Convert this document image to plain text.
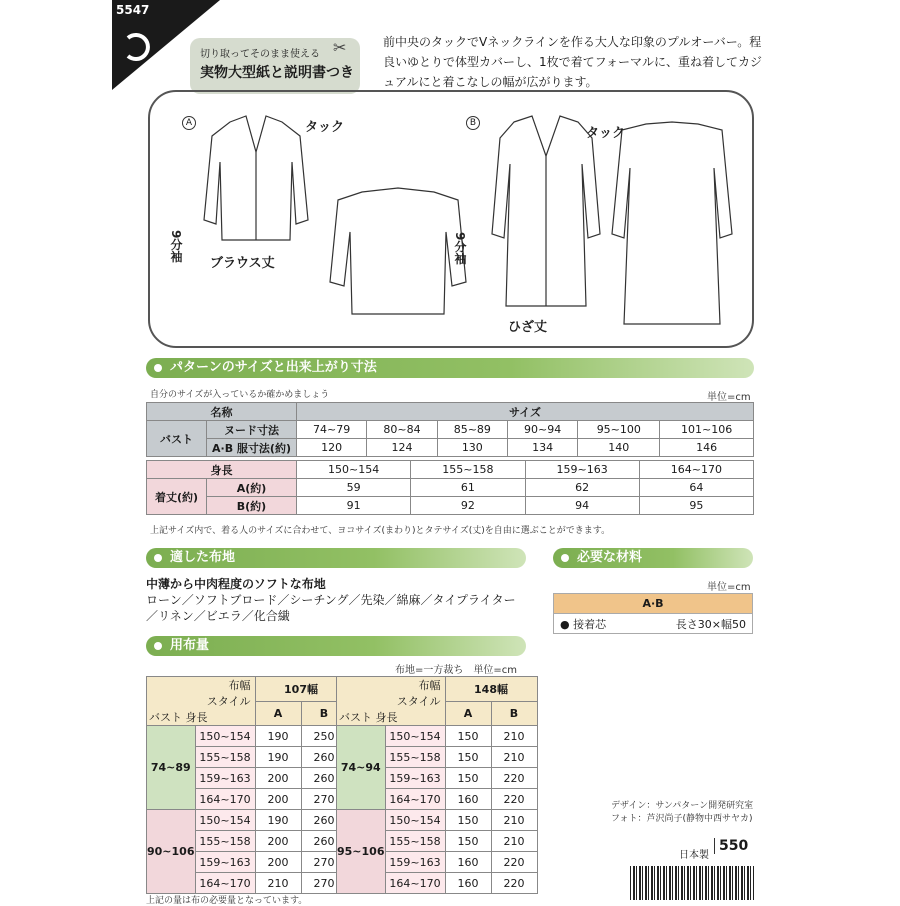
5547
切り取ってそのまま使える
実物大型紙と説明書つき
✂	前中央のタックでVネックラインを作る大人な印象のプルオーバー。程良いゆとりで体型カバーし、1枚で着てフォーマルに、重ね着してカジュアルにと着こなしの幅が広がります。
A	B
タック	タック
9分袖	9分袖
ブラウス丈
ひざ丈
パターンのサイズと出来上がり寸法
自分のサイズが入っているか確かめましょう	単位=cm
名称		サイズ					
バスト	ヌード寸法	74~79	80~84	85~89	90~94	95~100	101~106
	A·B 服寸法(約)	120	124	130	134	140	146
身長		150~154	155~158	159~163	164~170
着丈(約)	A(約)	59	61	62	64
	B(約)	91	92	94	95
上記サイズ内で、着る人のサイズに合わせて、ヨコサイズ(まわり)とタテサイズ(丈)を自由に選ぶことができます。
適した布地
中薄から中肉程度のソフトな布地
ローン／ソフトブロード／シーチング／先染／綿麻／タイプライター／リネン／ビエラ／化合繊
必要な材料
単位=cm
A·B
● 接着芯	長さ30×幅50
用布量
布地=一方裁ち　単位=cm
布幅
スタイル
バスト 身長		107幅	
		A	B
74~89	150~154	190	250
	155~158	190	260
	159~163	200	260
	164~170	200	270
90~106	150~154	190	260
	155~158	200	260
	159~163	200	270
	164~170	210	270
布幅
スタイル
バスト 身長		148幅	
		A	B
74~94	150~154	150	210
	155~158	150	210
	159~163	150	220
	164~170	160	220
95~106	150~154	150	210
	155~158	150	210
	159~163	160	220
	164~170	160	220
上記の量は布の必要量となっています。
デザイン：サンパターン開発研究室
フォト：芦沢尚子(静物中西サヤカ)
日本製
550
